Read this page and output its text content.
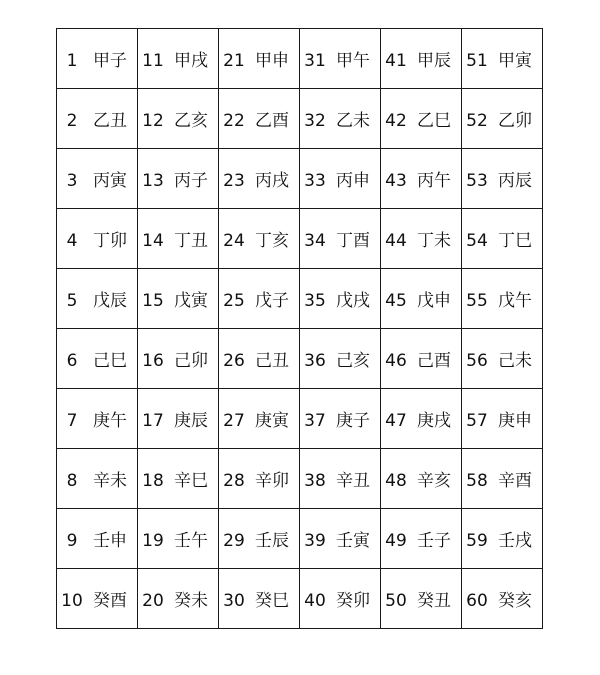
1 甲子	11 甲戌	21 甲申	31 甲午	41 甲辰	51 甲寅
2 乙丑	12 乙亥	22 乙酉	32 乙未	42 乙巳	52 乙卯
3 丙寅	13 丙子	23 丙戌	33 丙申	43 丙午	53 丙辰
4 丁卯	14 丁丑	24 丁亥	34 丁酉	44 丁未	54 丁巳
5 戊辰	15 戊寅	25 戊子	35 戊戌	45 戊申	55 戊午
6 己巳	16 己卯	26 己丑	36 己亥	46 己酉	56 己未
7 庚午	17 庚辰	27 庚寅	37 庚子	47 庚戌	57 庚申
8 辛未	18 辛巳	28 辛卯	38 辛丑	48 辛亥	58 辛酉
9 壬申	19 壬午	29 壬辰	39 壬寅	49 壬子	59 壬戌
10 癸酉	20 癸未	30 癸巳	40 癸卯	50 癸丑	60 癸亥
